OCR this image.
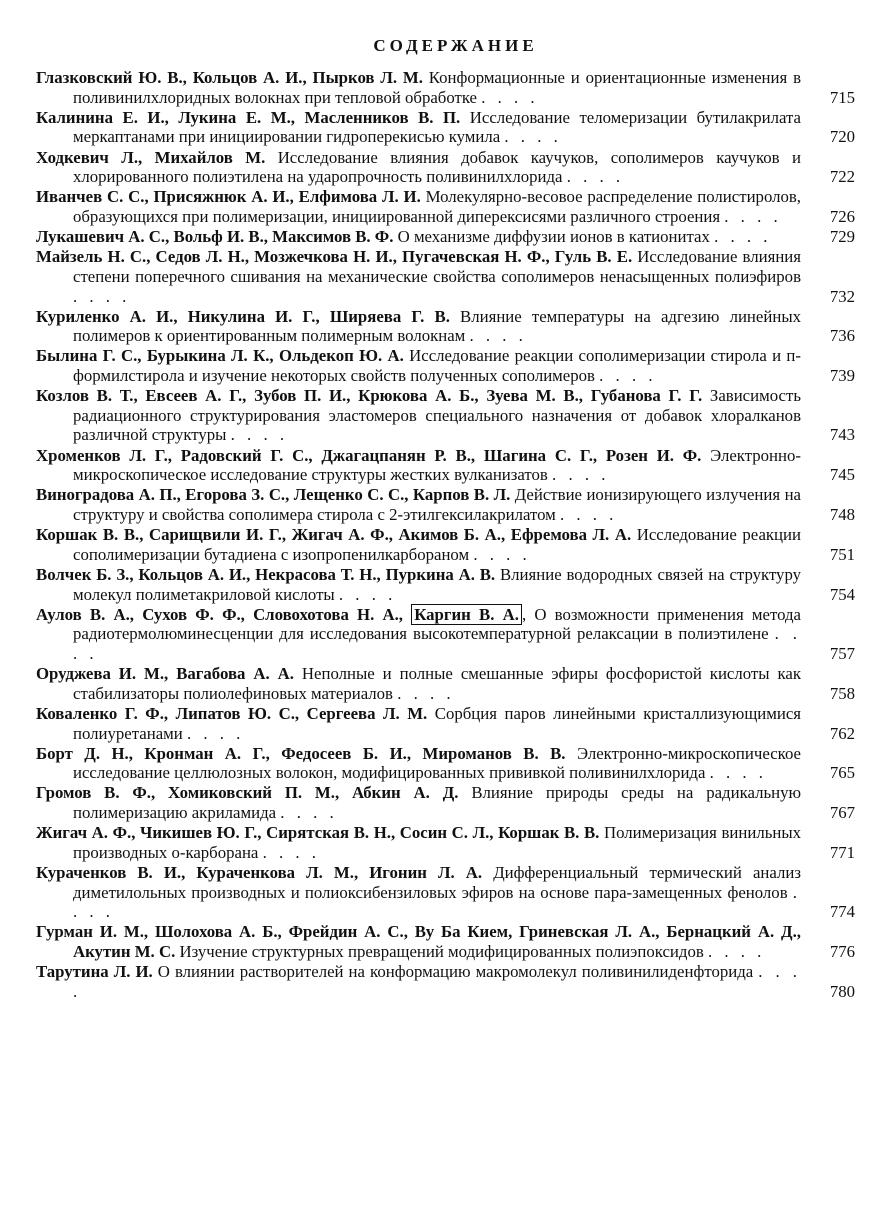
СОДЕРЖАНИЕ
Глазковский Ю. В., Кольцов А. И., Пырков Л. М. Конформационные и ориентационные изменения в поливинилхлоридных волокнах при тепловой обработке . . . .	715
Калинина Е. И., Лукина Е. М., Масленников В. П. Исследование теломеризации бутилакрилата меркаптанами при инициировании гидроперекисью кумила . . . .	720
Ходкевич Л., Михайлов М. Исследование влияния добавок каучуков, сополимеров каучуков и хлорированного полиэтилена на ударопрочность поливинилхлорида . . . .	722
Иванчев С. С., Присяжнюк А. И., Елфимова Л. И. Молекулярно-весовое распределение полистиролов, образующихся при полимеризации, инициированной диперексисями различного строения . . . .	726
Лукашевич А. С., Вольф И. В., Максимов В. Ф. О механизме диффузии ионов в катионитах . . . .	729
Майзель Н. С., Седов Л. Н., Мозжечкова Н. И., Пугачевская Н. Ф., Гуль В. Е. Исследование влияния степени поперечного сшивания на механические свойства сополимеров ненасыщенных полиэфиров . . . .	732
Куриленко А. И., Никулина И. Г., Ширяева Г. В. Влияние температуры на адгезию линейных полимеров к ориентированным полимерным волокнам . . . .	736
Былина Г. С., Бурыкина Л. К., Ольдекоп Ю. А. Исследование реакции сополимеризации стирола и п-формилстирола и изучение некоторых свойств полученных сополимеров . . . .	739
Козлов В. Т., Евсеев А. Г., Зубов П. И., Крюкова А. Б., Зуева М. В., Губанова Г. Г. Зависимость радиационного структурирования эластомеров специального назначения от добавок хлоралканов различной структуры . . . .	743
Хроменков Л. Г., Радовский Г. С., Джагацпанян Р. В., Шагина С. Г., Розен И. Ф. Электронно-микроскопическое исследование структуры жестких вулканизатов . . . .	745
Виноградова А. П., Егорова З. С., Лещенко С. С., Карпов В. Л. Действие ионизирующего излучения на структуру и свойства сополимера стирола с 2-этилгексилакрилатом . . . .	748
Коршак В. В., Сарищвили И. Г., Жигач А. Ф., Акимов Б. А., Ефремова Л. А. Исследование реакции сополимеризации бутадиена с изопропенилкарбораном . . . .	751
Волчек Б. З., Кольцов А. И., Некрасова Т. Н., Пуркина А. В. Влияние водородных связей на структуру молекул полиметакриловой кислоты . . . .	754
Аулов В. А., Сухов Ф. Ф., Словохотова Н. А., Каргин В. А. , О возможности применения метода радиотермолюминесценции для исследования высокотемпературной релаксации в полиэтилене . . . .	757
Оруджева И. М., Вагабова А. А. Неполные и полные смешанные эфиры фосфористой кислоты как стабилизаторы полиолефиновых материалов . . . .	758
Коваленко Г. Ф., Липатов Ю. С., Сергеева Л. М. Сорбция паров линейными кристаллизующимися полиуретанами . . . .	762
Борт Д. Н., Кронман А. Г., Федосеев Б. И., Мироманов В. В. Электронно-микроскопическое исследование целлюлозных волокон, модифицированных прививкой поливинилхлорида . . . .	765
Громов В. Ф., Хомиковский П. М., Абкин А. Д. Влияние природы среды на радикальную полимеризацию акриламида . . . .	767
Жигач А. Ф., Чикишев Ю. Г., Сирятская В. Н., Сосин С. Л., Коршак В. В. Полимеризация винильных производных о-карборана . . . .	771
Кураченков В. И., Кураченкова Л. М., Игонин Л. А. Дифференциальный термический анализ диметилольных производных и полиоксибензиловых эфиров на основе пара-замещенных фенолов . . . .	774
Гурман И. М., Шолохова А. Б., Фрейдин А. С., Ву Ба Кием, Гриневская Л. А., Бернацкий А. Д., Акутин М. С. Изучение структурных превращений модифицированных полиэпоксидов . . . .	776
Тарутина Л. И. О влиянии растворителей на конформацию макромолекул поливинилиденфторида . . . .	780
